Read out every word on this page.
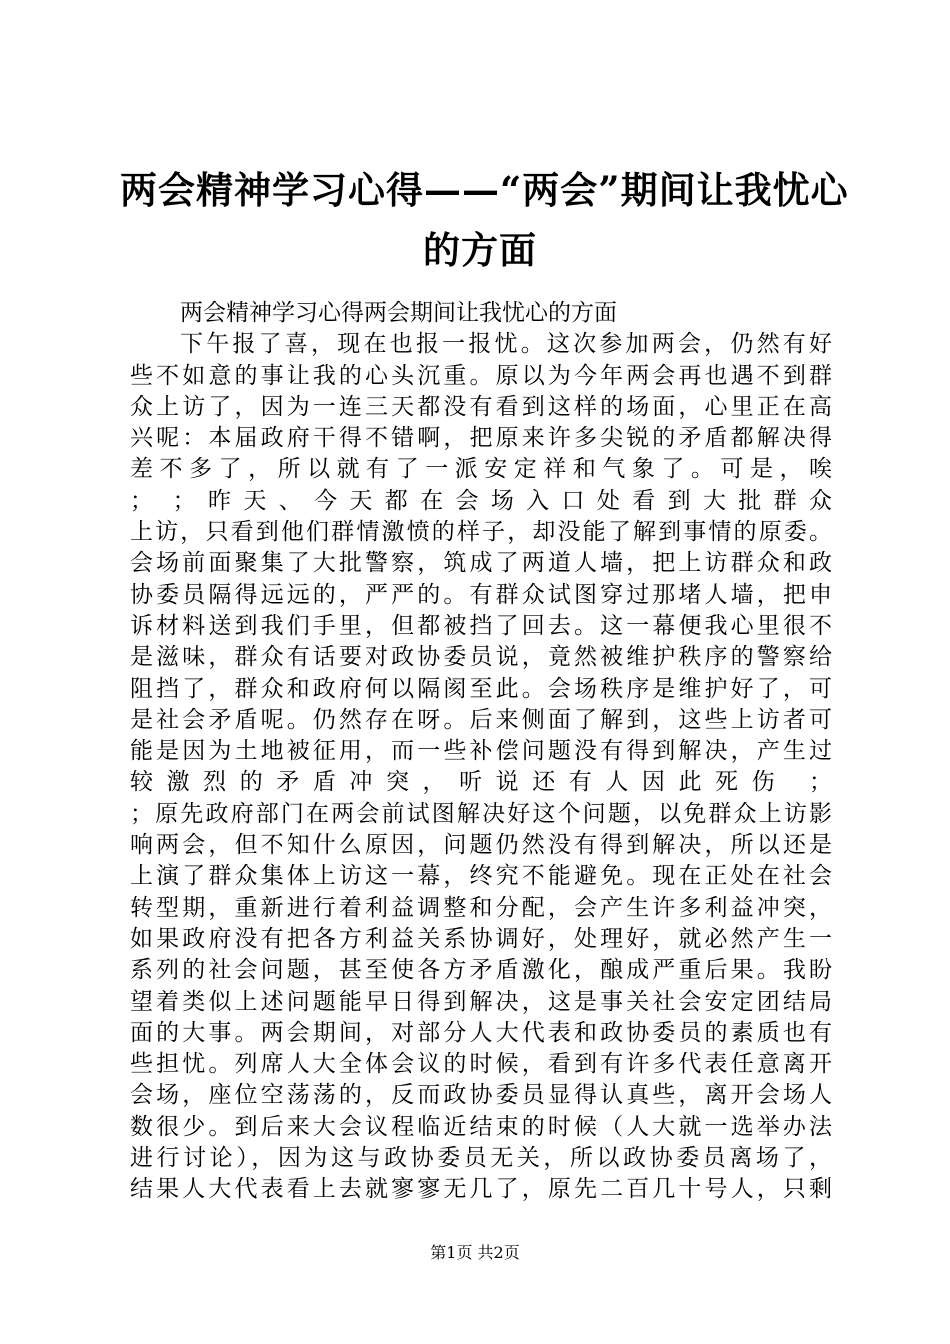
两会精神学习心得——“两会”期间让我忧心
的方面
两会精神学习心得两会期间让我忧心的方面
下午报了喜，现在也报一报忧。这次参加两会，仍然有好
些不如意的事让我的心头沉重。原以为今年两会再也遇不到群
众上访了，因为一连三天都没有看到这样的场面，心里正在高
兴呢：本届政府干得不错啊，把原来许多尖锐的矛盾都解决得
差不多了，所以就有了一派安定祥和气象了。可是，唉
； ；昨天、今天都在会场入口处看到大批群众
上访，只看到他们群情激愤的样子，却没能了解到事情的原委。
会场前面聚集了大批警察，筑成了两道人墙，把上访群众和政
协委员隔得远远的，严严的。有群众试图穿过那堵人墙，把申
诉材料送到我们手里，但都被挡了回去。这一幕便我心里很不
是滋味，群众有话要对政协委员说，竟然被维护秩序的警察给
阻挡了，群众和政府何以隔阂至此。会场秩序是维护好了，可
是社会矛盾呢。仍然存在呀。后来侧面了解到，这些上访者可
能是因为土地被征用，而一些补偿问题没有得到解决，产生过
较激烈的矛盾冲突，听说还有人因此死伤 ；
；原先政府部门在两会前试图解决好这个问题，以免群众上访影
响两会，但不知什么原因，问题仍然没有得到解决，所以还是
上演了群众集体上访这一幕，终究不能避免。现在正处在社会
转型期，重新进行着利益调整和分配，会产生许多利益冲突，
如果政府没有把各方利益关系协调好，处理好，就必然产生一
系列的社会问题，甚至使各方矛盾激化，酿成严重后果。我盼
望着类似上述问题能早日得到解决，这是事关社会安定团结局
面的大事。两会期间，对部分人大代表和政协委员的素质也有
些担忧。列席人大全体会议的时候，看到有许多代表任意离开
会场，座位空荡荡的，反而政协委员显得认真些，离开会场人
数很少。到后来大会议程临近结束的时候（人大就一选举办法
进行讨论），因为这与政协委员无关，所以政协委员离场了，
结果人大代表看上去就寥寥无几了，原先二百几十号人，只剩
第1页 共2页
